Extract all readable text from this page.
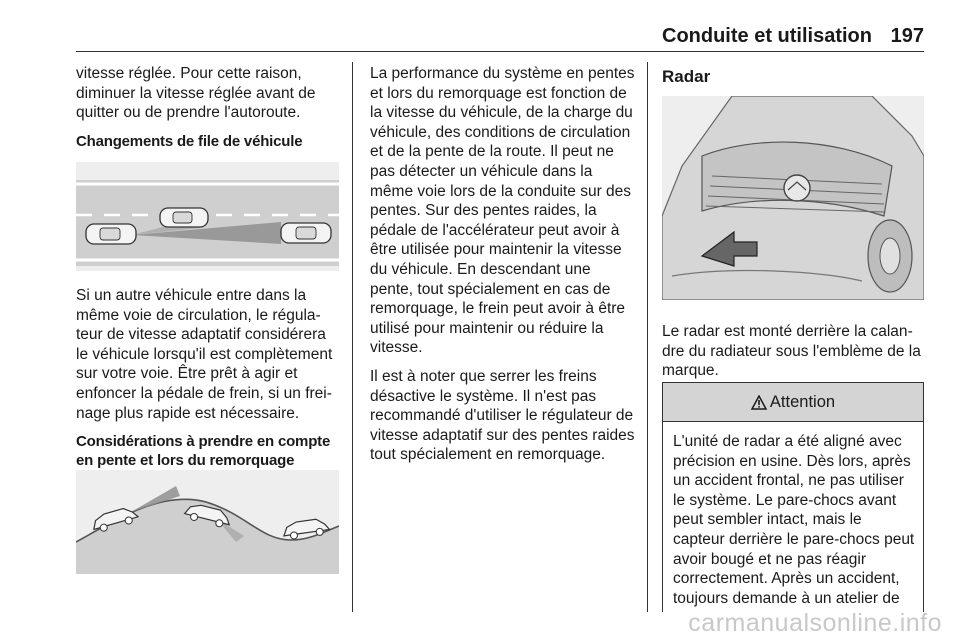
Conduite et utilisation 197

vitesse réglée. Pour cette raison, diminuer la vitesse réglée avant de quitter ou de prendre l'autoroute.

Changements de file de véhicule

Si un autre véhicule entre dans la même voie de circulation, le régulateur de vitesse adaptatif considérera le véhicule lorsqu'il est complètement sur votre voie. Être prêt à agir et enfoncer la pédale de frein, si un freinage plus rapide est nécessaire.

Considérations à prendre en compte en pente et lors du remorquage

La performance du système en pentes et lors du remorquage est fonction de la vitesse du véhicule, de la charge du véhicule, des conditions de circulation et de la pente de la route. Il peut ne pas détecter un véhicule dans la même voie lors de la conduite sur des pentes. Sur des pentes raides, la pédale de l'accélérateur peut avoir à être utilisée pour maintenir la vitesse du véhicule. En descendant une pente, tout spécialement en cas de remorquage, le frein peut avoir à être utilisé pour maintenir ou réduire la vitesse.

Il est à noter que serrer les freins désactive le système. Il n'est pas recommandé d'utiliser le régulateur de vitesse adaptatif sur des pentes raides tout spécialement en remorquage.

Radar

Le radar est monté derrière la calandre du radiateur sous l'emblème de la marque.

Attention
L'unité de radar a été aligné avec précision en usine. Dès lors, après un accident frontal, ne pas utiliser le système. Le pare-chocs avant peut sembler intact, mais le capteur derrière le pare-chocs peut avoir bougé et ne pas réagir correctement. Après un accident, toujours demande à un atelier de
carmanualsonline.info
